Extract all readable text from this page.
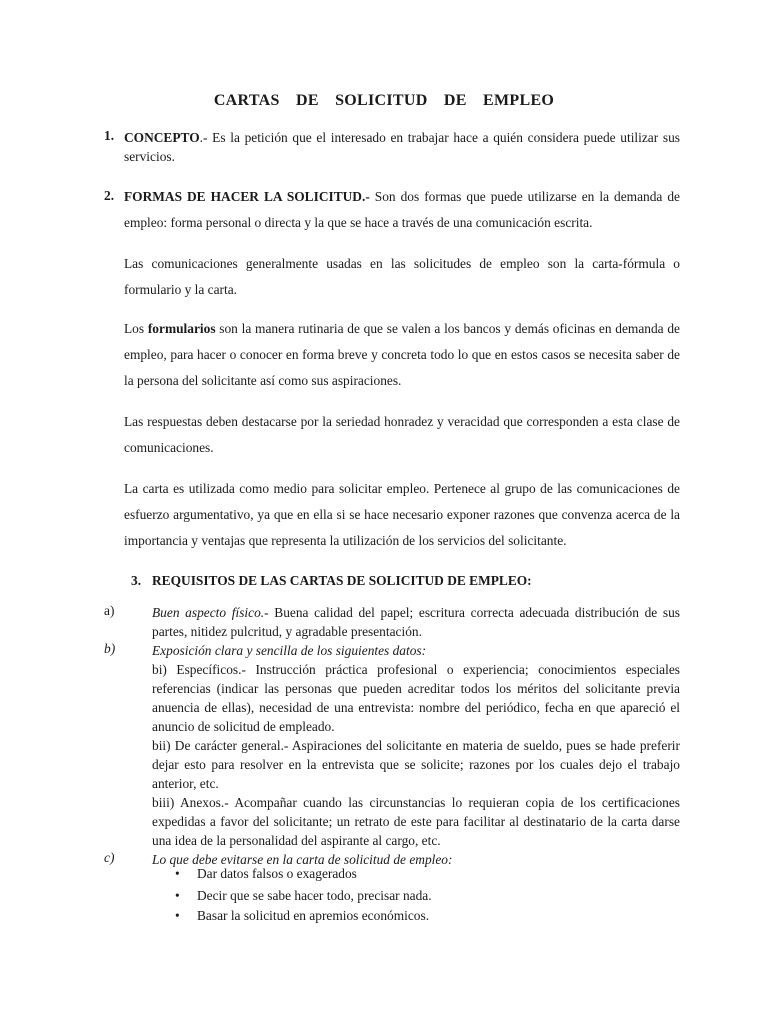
CARTAS DE SOLICITUD DE EMPLEO
1. CONCEPTO.- Es la petición que el interesado en trabajar hace a quién considera puede utilizar sus servicios.
2. FORMAS DE HACER LA SOLICITUD.- Son dos formas que puede utilizarse en la demanda de empleo: forma personal o directa y la que se hace a través de una comunicación escrita.
Las comunicaciones generalmente usadas en las solicitudes de empleo son la carta-fórmula o formulario y la carta.
Los formularios son la manera rutinaria de que se valen a los bancos y demás oficinas en demanda de empleo, para hacer o conocer en forma breve y concreta todo lo que en estos casos se necesita saber de la persona del solicitante así como sus aspiraciones.
Las respuestas deben destacarse por la seriedad honradez y veracidad que corresponden a esta clase de comunicaciones.
La carta es utilizada como medio para solicitar empleo. Pertenece al grupo de las comunicaciones de esfuerzo argumentativo, ya que en ella si se hace necesario exponer razones que convenza acerca de la importancia y ventajas que representa la utilización de los servicios del solicitante.
3. REQUISITOS DE LAS CARTAS DE SOLICITUD DE EMPLEO:
a)	Buen aspecto físico.- Buena calidad del papel; escritura correcta adecuada distribución de sus partes, nitidez pulcritud, y agradable presentación.
b)	Exposición clara y sencilla de los siguientes datos:
bi) Específicos.- Instrucción práctica profesional o experiencia; conocimientos especiales referencias (indicar las personas que pueden acreditar todos los méritos del solicitante previa anuencia de ellas), necesidad de una entrevista: nombre del periódico, fecha en que apareció el anuncio de solicitud de empleado.
bii) De carácter general.- Aspiraciones del solicitante en materia de sueldo, pues se hade preferir dejar esto para resolver en la entrevista que se solicite; razones por los cuales dejo el trabajo anterior, etc.
biii) Anexos.- Acompañar cuando las circunstancias lo requieran copia de los certificaciones expedidas a favor del solicitante; un retrato de este para facilitar al destinatario de la carta darse una idea de la personalidad del aspirante al cargo, etc.
c)	Lo que debe evitarse en la carta de solicitud de empleo:
• Dar datos falsos o exagerados
• Decir que se sabe hacer todo, precisar nada.
• Basar la solicitud en apremios económicos.
